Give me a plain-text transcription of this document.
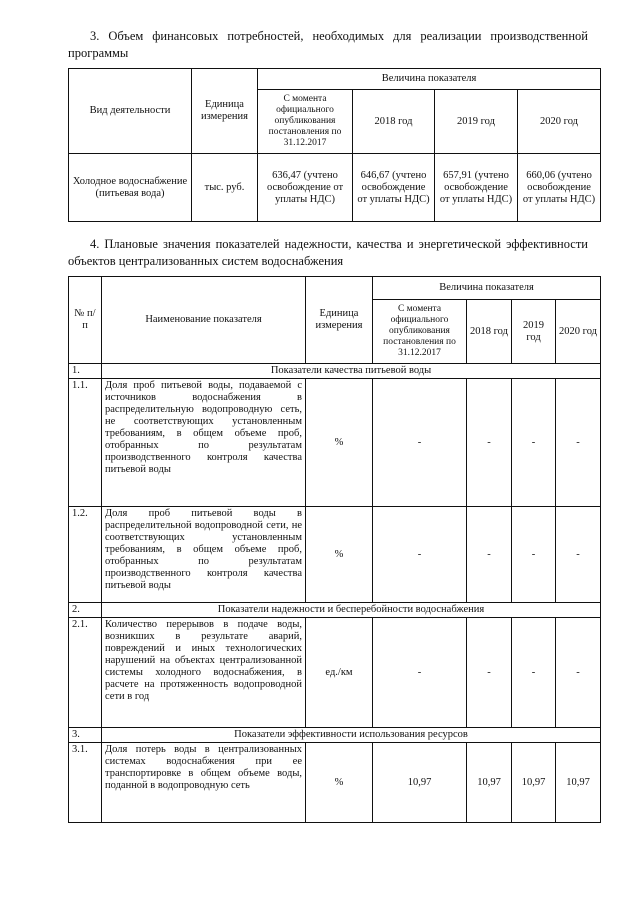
3. Объем финансовых потребностей, необходимых для реализации производственной программы
Вид деятельности	Единица измерения	Величина показателя			
		С момента официального опубликования постановления по 31.12.2017	2018 год	2019 год	2020 год
Холодное водоснабжение (питьевая вода)	тыс. руб.	636,47 (учтено освобождение от уплаты НДС)	646,67 (учтено освобождение от уплаты НДС)	657,91 (учтено освобождение от уплаты НДС)	660,06 (учтено освобождение от уплаты НДС)
4. Плановые значения показателей надежности, качества и энергетической эффективности объектов централизованных систем водоснабжения
№ п/п	Наименование показателя	Единица измерения	Величина показателя			
			С момента официального опубликования постановления по 31.12.2017	2018 год	2019 год	2020 год
1.	Показатели качества питьевой воды					
1.1.	Доля проб питьевой воды, подаваемой с источников водоснабжения в распределительную водопроводную сеть, не соответствующих установленным требованиям, в общем объеме проб, отобранных по результатам производственного контроля качества питьевой воды	%	-	-	-	-
1.2.	Доля проб питьевой воды в распределительной водопроводной сети, не соответствующих установленным требованиям, в общем объеме проб, отобранных по результатам производственного контроля качества питьевой воды	%	-	-	-	-
2.	Показатели надежности и бесперебойности водоснабжения					
2.1.	Количество перерывов в подаче воды, возникших в результате аварий, повреждений и иных технологических нарушений на объектах централизованной системы холодного водоснабжения, в расчете на протяженность водопроводной сети в год	ед./км	-	-	-	-
3.	Показатели эффективности использования ресурсов					
3.1.	Доля потерь воды в централизованных системах водоснабжения при ее транспортировке в общем объеме воды, поданной в водопроводную сеть	%	10,97	10,97	10,97	10,97
